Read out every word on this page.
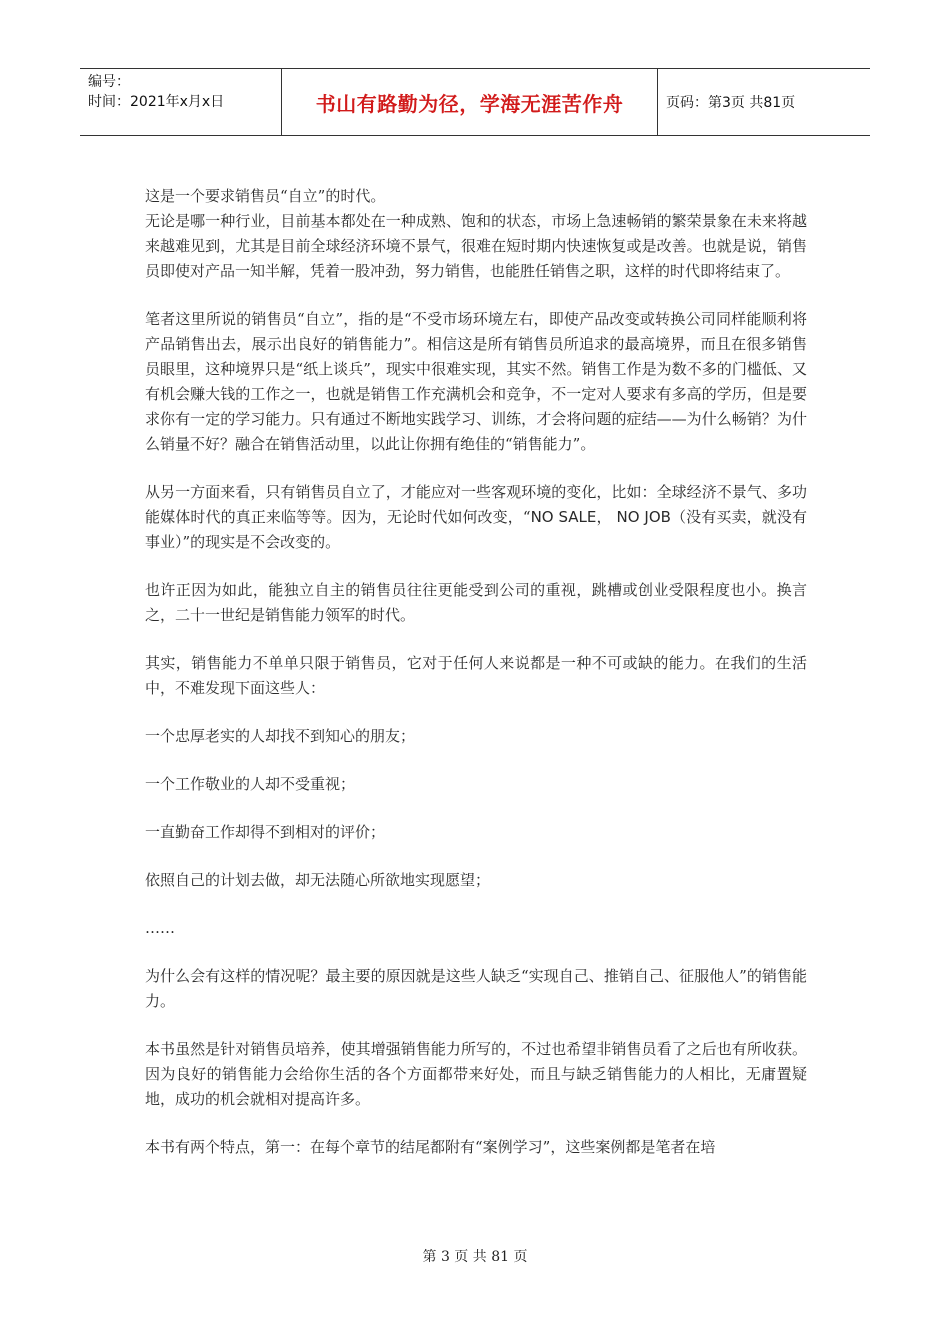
编号：
时间：2021年x月x日	书山有路勤为径，学海无涯苦作舟	页码：第3页 共81页

这是一个要求销售员“自立”的时代。

无论是哪一种行业，目前基本都处在一种成熟、饱和的状态，市场上急速畅销的繁荣景象在未来将越来越难见到，尤其是目前全球经济环境不景气，很难在短时期内快速恢复或是改善。也就是说，销售员即使对产品一知半解，凭着一股冲劲，努力销售，也能胜任销售之职，这样的时代即将结束了。

笔者这里所说的销售员“自立”，指的是“不受市场环境左右，即使产品改变或转换公司同样能顺利将产品销售出去，展示出良好的销售能力”。相信这是所有销售员所追求的最高境界，而且在很多销售员眼里，这种境界只是“纸上谈兵”，现实中很难实现，其实不然。销售工作是为数不多的门槛低、又有机会赚大钱的工作之一，也就是销售工作充满机会和竞争，不一定对人要求有多高的学历，但是要求你有一定的学习能力。只有通过不断地实践学习、训练，才会将问题的症结——为什么畅销？为什么销量不好？融合在销售活动里，以此让你拥有绝佳的“销售能力”。

从另一方面来看，只有销售员自立了，才能应对一些客观环境的变化，比如：全球经济不景气、多功能媒体时代的真正来临等等。因为，无论时代如何改变，“NO SALE， NO JOB（没有买卖，就没有事业）”的现实是不会改变的。

也许正因为如此，能独立自主的销售员往往更能受到公司的重视，跳槽或创业受限程度也小。换言之，二十一世纪是销售能力领军的时代。

其实，销售能力不单单只限于销售员，它对于任何人来说都是一种不可或缺的能力。在我们的生活中，不难发现下面这些人：

一个忠厚老实的人却找不到知心的朋友；

一个工作敬业的人却不受重视；

一直勤奋工作却得不到相对的评价；

依照自己的计划去做，却无法随心所欲地实现愿望；

……

为什么会有这样的情况呢？最主要的原因就是这些人缺乏“实现自己、推销自己、征服他人”的销售能力。

本书虽然是针对销售员培养，使其增强销售能力所写的，不过也希望非销售员看了之后也有所收获。因为良好的销售能力会给你生活的各个方面都带来好处，而且与缺乏销售能力的人相比，无庸置疑地，成功的机会就相对提高许多。

本书有两个特点，第一：在每个章节的结尾都附有“案例学习”，这些案例都是笔者在培

第 3 页 共 81 页
